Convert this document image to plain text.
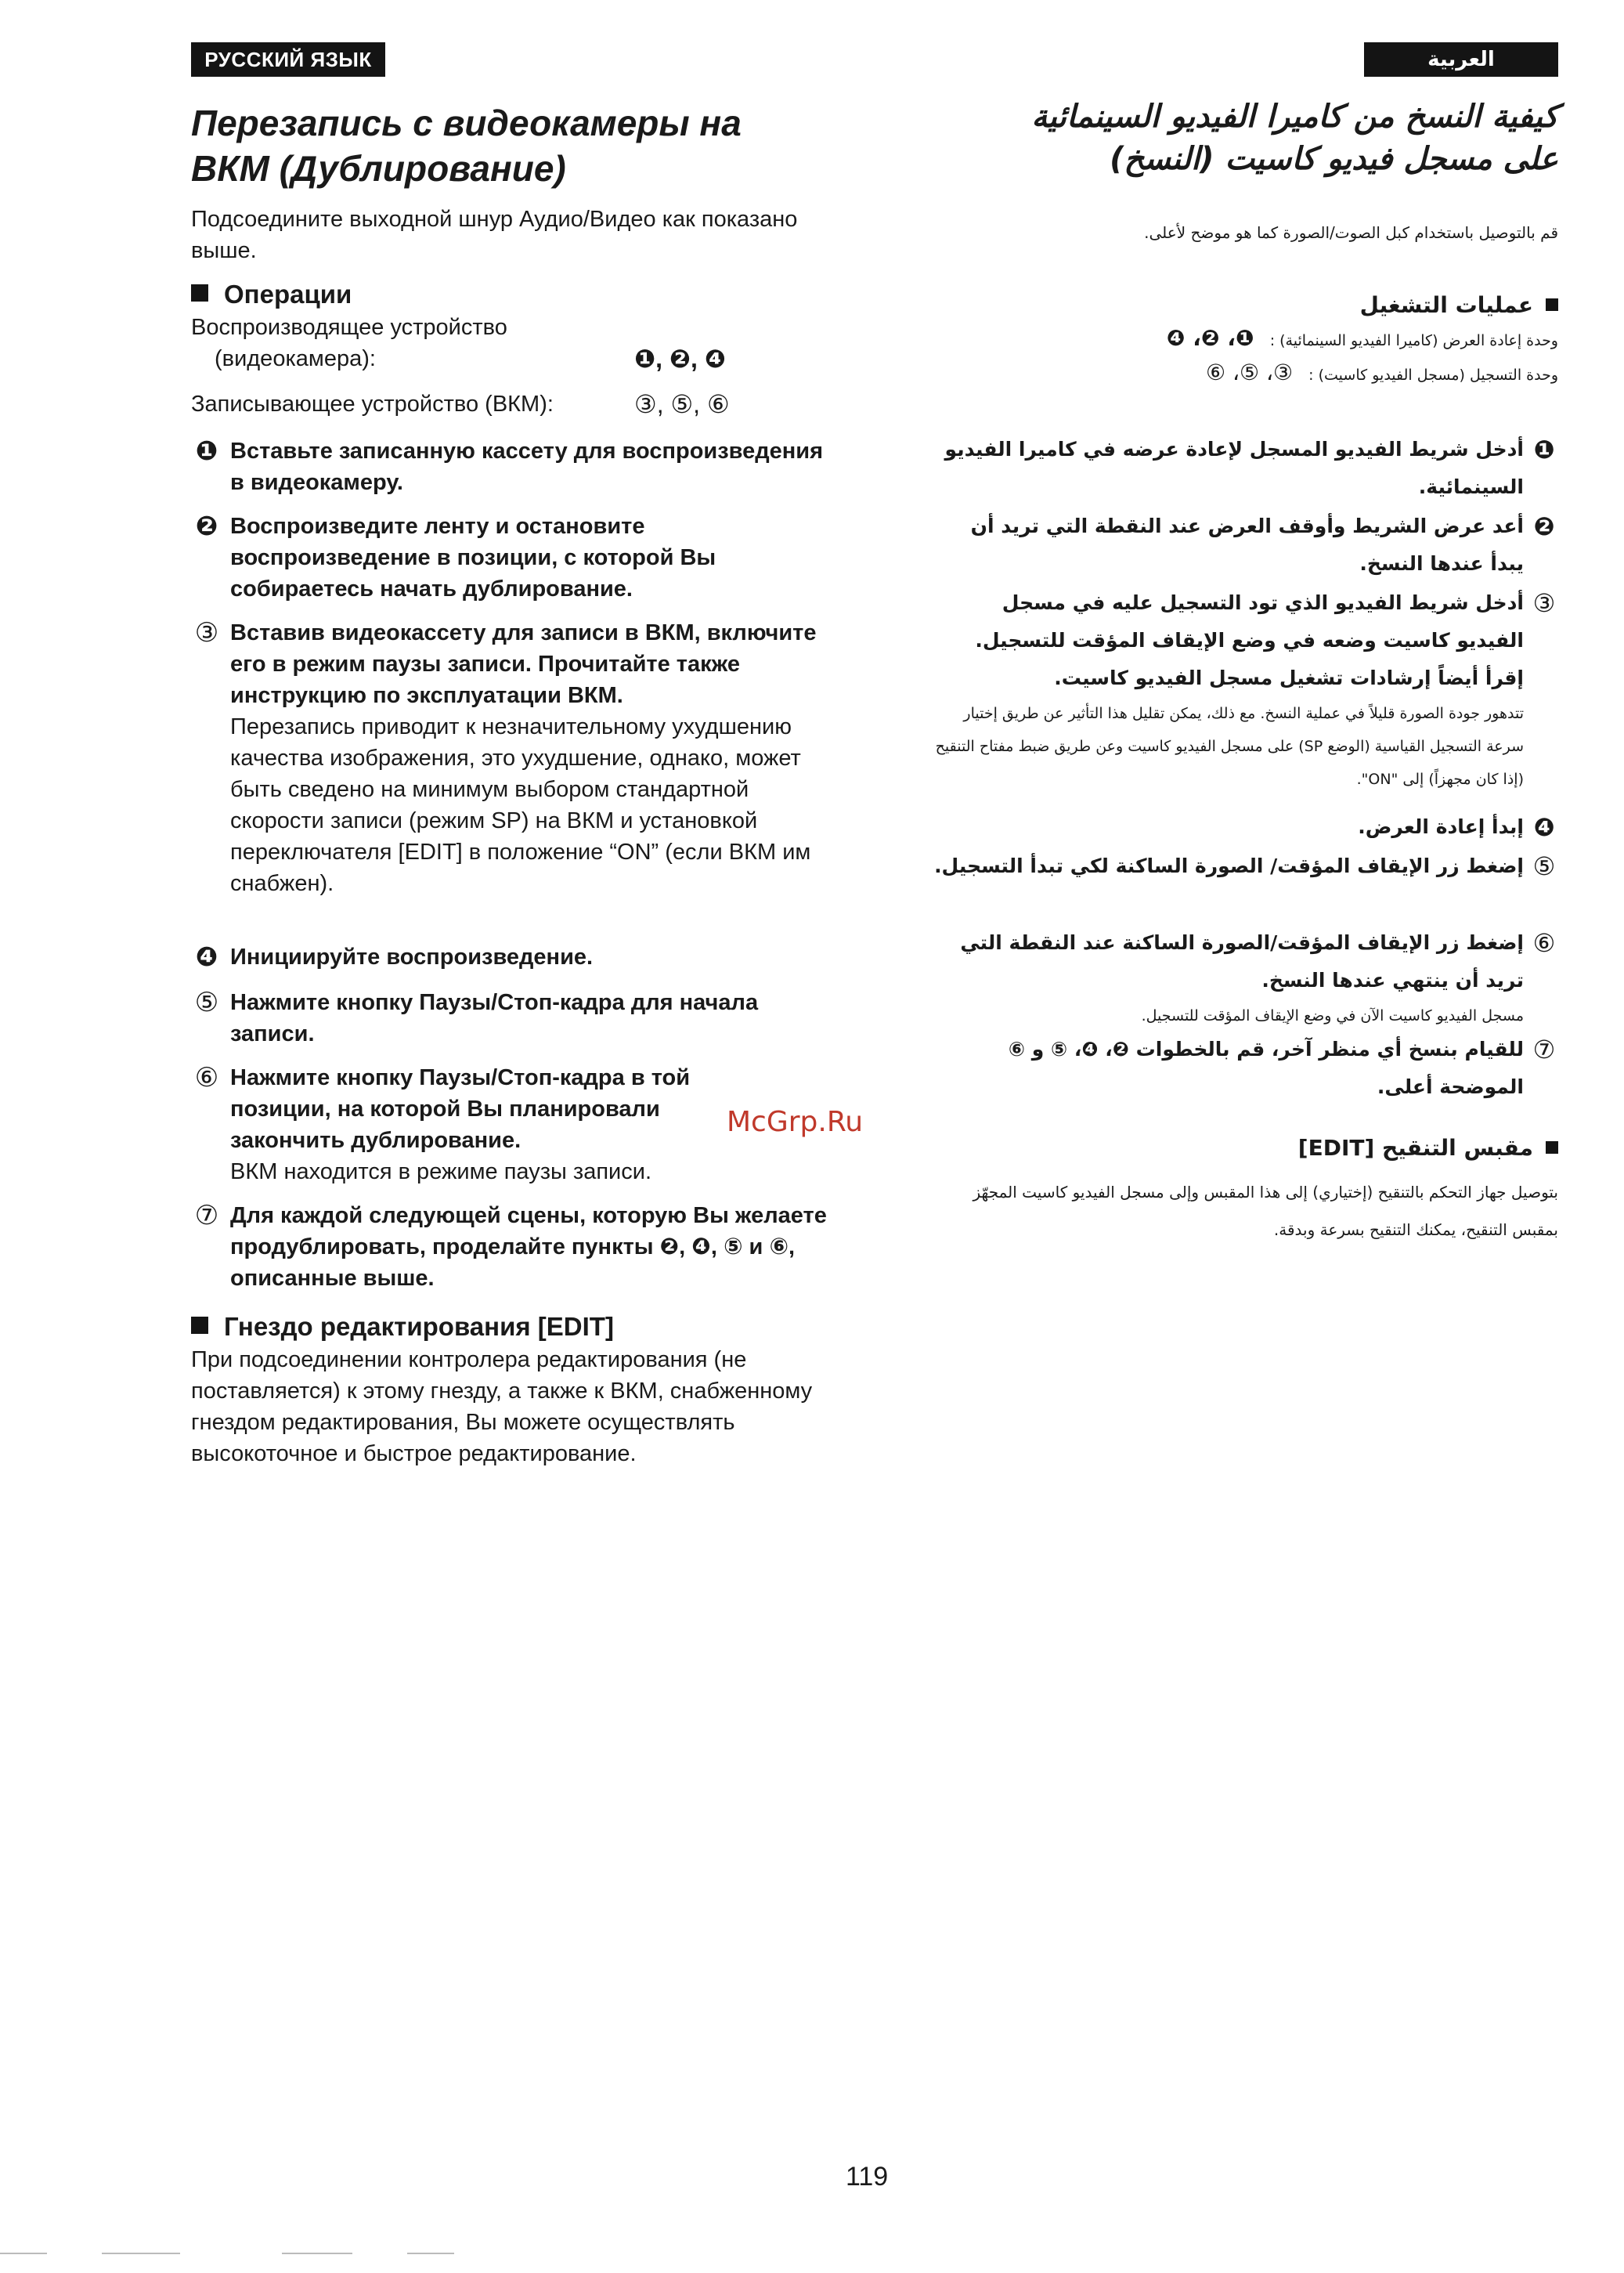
РУССКИЙ ЯЗЫК	العربية
Перезапись с видеокамеры на
ВКМ (Дублирование)
Подсоедините выходной шнур Аудио/Видео как показано выше.
Операции
Воспроизводящее устройство
(видеокамера):	❶, ❷, ❹
Записывающее устройство (ВКМ):	③, ⑤, ⑥
❶ Вставьте записанную кассету для воспроизведения в видеокамеру.
❷ Воспроизведите ленту и остановите воспроизведение в позиции, с которой Вы собираетесь начать дублирование.
③ Вставив видеокассету для записи в ВКМ, включите его в режим паузы записи. Прочитайте также инструкцию по эксплуатации ВКМ.
Перезапись приводит к незначительному ухудшению качества изображения, это ухудшение, однако, может быть сведено на минимум выбором стандартной скорости записи (режим SP) на ВКМ и установкой переключателя [EDIT] в положение “ON” (если ВКМ им снабжен).
❹ Инициируйте воспроизведение.
⑤ Нажмите кнопку Паузы/Стоп-кадра для начала записи.
⑥ Нажмите кнопку Паузы/Стоп-кадра в той позиции, на которой Вы планировали закончить дублирование.
ВКМ находится в режиме паузы записи.
⑦ Для каждой следующей сцены, которую Вы желаете продублировать, проделайте пункты ❷, ❹, ⑤ и ⑥, описанные выше.
Гнездо редактирования [EDIT]
При подсоединении контролера редактирования (не поставляется) к этому гнезду, а также к ВКМ, снабженному гнездом редактирования, Вы можете осуществлять высокоточное и быстрое редактирование.
McGrp.Ru
كيفية النسخ من كاميرا الفيديو السينمائية
على مسجل فيديو كاسيت (النسخ)
قم بالتوصيل باستخدام كبل الصوت/الصورة كما هو موضح لأعلى.
عمليات التشغيل
وحدة إعادة العرض (كاميرا الفيديو السينمائية) : ❶، ❷، ❹
وحدة التسجيل (مسجل الفيديو كاسيت) : ③، ⑤، ⑥
❶
أدخل شريط الفيديو المسجل لإعادة عرضه في كاميرا الفيديو السينمائية.
❷
أعد عرض الشريط وأوقف العرض عند النقطة التي تريد أن يبدأ عندها النسخ.
③
أدخل شريط الفيديو الذي تود التسجيل عليه في مسجل الفيديو كاسيت وضعه في وضع الإيقاف المؤقت للتسجيل. إقرأ أيضاً إرشادات تشغيل مسجل الفيديو كاسيت.
تتدهور جودة الصورة قليلاً في عملية النسخ. مع ذلك، يمكن تقليل هذا التأثير عن طريق إختيار سرعة التسجيل القياسية (الوضع SP) على مسجل الفيديو كاسيت وعن طريق ضبط مفتاح التنقيح (إذا كان مجهزاً) إلى "ON".
❹
إبدأ إعادة العرض.
⑤
إضغط زر الإيقاف المؤقت/ الصورة الساكنة لكي تبدأ التسجيل.
⑥
إضغط زر الإيقاف المؤقت/الصورة الساكنة عند النقطة التي تريد أن ينتهي عندها النسخ.
مسجل الفيديو كاسيت الآن في وضع الإيقاف المؤقت للتسجيل.
⑦
للقيام بنسخ أي منظر آخر، قم بالخطوات ❷، ❹، ⑤ و ⑥ الموضحة أعلى.
مقبس التنقيح [EDIT]
بتوصيل جهاز التحكم بالتنقيح (إختياري) إلى هذا المقبس وإلى مسجل الفيديو كاسيت المجهّز بمقبس التنقيح، يمكنك التنقيح بسرعة وبدقة.
119
